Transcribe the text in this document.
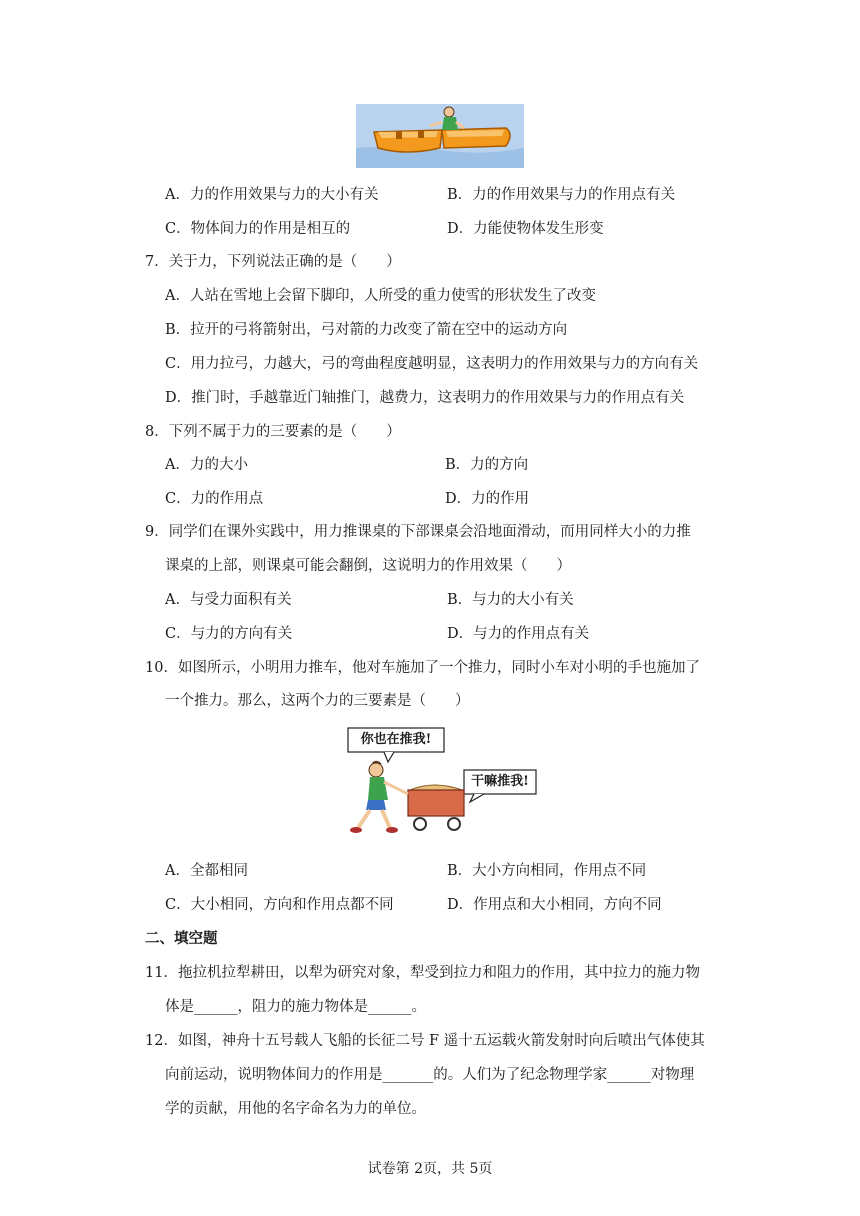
A．力的作用效果与力的大小有关	B．力的作用效果与力的作用点有关
C．物体间力的作用是相互的	D．力能使物体发生形变
7．关于力，下列说法正确的是（　　）
A．人站在雪地上会留下脚印，人所受的重力使雪的形状发生了改变
B．拉开的弓将箭射出，弓对箭的力改变了箭在空中的运动方向
C．用力拉弓，力越大，弓的弯曲程度越明显，这表明力的作用效果与力的方向有关
D．推门时，手越靠近门轴推门，越费力，这表明力的作用效果与力的作用点有关
8．下列不属于力的三要素的是（　　）
A．力的大小	B．力的方向
C．力的作用点	D．力的作用
9．同学们在课外实践中，用力推课桌的下部课桌会沿地面滑动，而用同样大小的力推
课桌的上部，则课桌可能会翻倒，这说明力的作用效果（　　）
A．与受力面积有关	B．与力的大小有关
C．与力的方向有关	D．与力的作用点有关
10．如图所示，小明用力推车，他对车施加了一个推力，同时小车对小明的手也施加了
一个推力。那么，这两个力的三要素是（　　）
你也在推我!
干嘛推我!
A．全都相同	B．大小方向相同，作用点不同
C．大小相同，方向和作用点都不同	D．作用点和大小相同，方向不同
二、填空题
11．拖拉机拉犁耕田，以犁为研究对象，犁受到拉力和阻力的作用，其中拉力的施力物
体是______，阻力的施力物体是______。
12．如图，神舟十五号载人飞船的长征二号 F 遥十五运载火箭发射时向后喷出气体使其
向前运动，说明物体间力的作用是_______的。人们为了纪念物理学家______对物理
学的贡献，用他的名字命名为力的单位。
试卷第 2页，共 5页
